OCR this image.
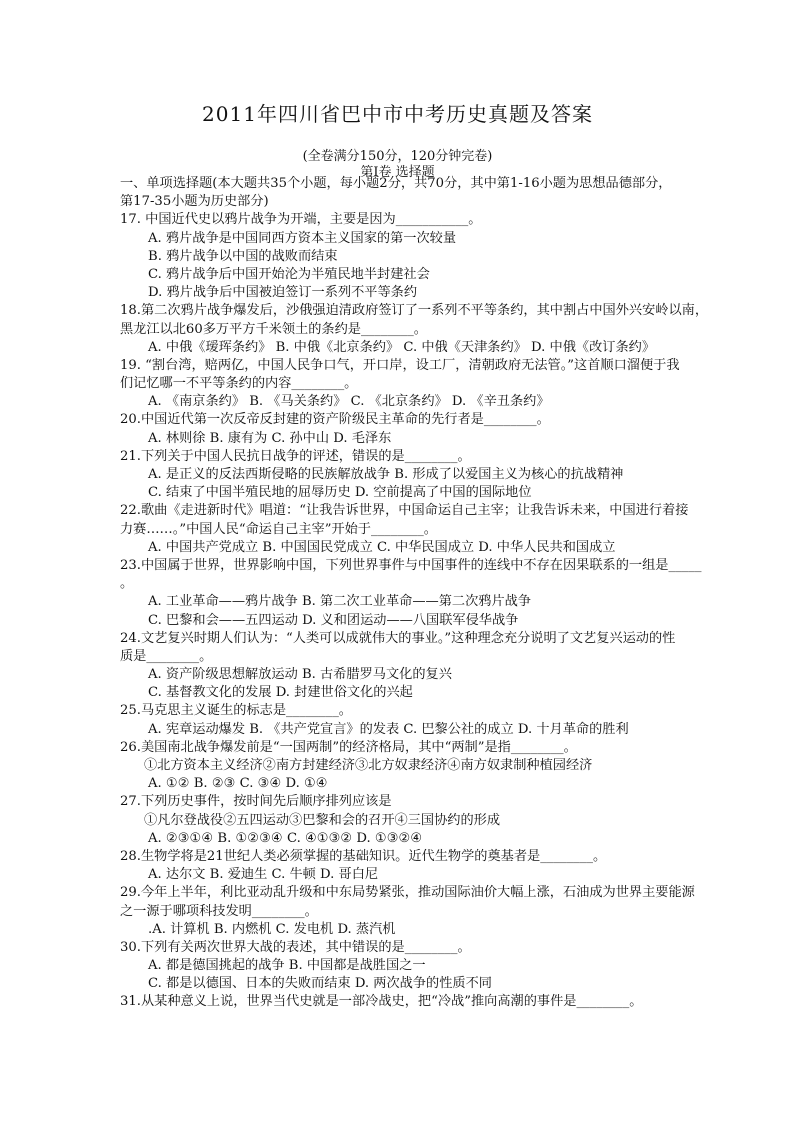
2011年四川省巴中市中考历史真题及答案
(全卷满分150分，120分钟完卷)
第Ⅰ卷 选择题
一、单项选择题(本大题共35个小题，每小题2分，共70分，其中第1-16小题为思想品德部分，
第17-35小题为历史部分)
17. 中国近代史以鸦片战争为开端，主要是因为___________。
A. 鸦片战争是中国同西方资本主义国家的第一次较量
B. 鸦片战争以中国的战败而结束
C. 鸦片战争后中国开始沦为半殖民地半封建社会
D. 鸦片战争后中国被迫签订一系列不平等条约
18.第二次鸦片战争爆发后，沙俄强迫清政府签订了一系列不平等条约，其中割占中国外兴安岭以南，
黑龙江以北60多万平方千米领土的条约是________。
A. 中俄《瑷珲条约》 B. 中俄《北京条约》 C. 中俄《天津条约》 D. 中俄《改订条约》
19. “割台湾，赔两亿，中国人民争口气，开口岸，设工厂，清朝政府无法管。”这首顺口溜便于我
们记忆哪一不平等条约的内容________。
A. 《南京条约》 B. 《马关条约》 C. 《北京条约》 D. 《辛丑条约》
20.中国近代第一次反帝反封建的资产阶级民主革命的先行者是________。
A. 林则徐 B. 康有为 C. 孙中山 D. 毛泽东
21.下列关于中国人民抗日战争的评述，错误的是________。
A. 是正义的反法西斯侵略的民族解放战争 B. 形成了以爱国主义为核心的抗战精神
C. 结束了中国半殖民地的屈辱历史 D. 空前提高了中国的国际地位
22.歌曲《走进新时代》唱道：“让我告诉世界，中国命运自己主宰；让我告诉未来，中国进行着接
力赛……。”中国人民“命运自己主宰”开始于________。
A. 中国共产党成立 B. 中国国民党成立 C. 中华民国成立 D. 中华人民共和国成立
23.中国属于世界，世界影响中国，下列世界事件与中国事件的连线中不存在因果联系的一组是_____
。
A. 工业革命——鸦片战争 B. 第二次工业革命——第二次鸦片战争
C. 巴黎和会——五四运动 D. 义和团运动——八国联军侵华战争
24.文艺复兴时期人们认为：“人类可以成就伟大的事业。”这种理念充分说明了文艺复兴运动的性
质是________。
A. 资产阶级思想解放运动 B. 古希腊罗马文化的复兴
C. 基督教文化的发展 D. 封建世俗文化的兴起
25.马克思主义诞生的标志是________。
A. 宪章运动爆发 B. 《共产党宣言》的发表 C. 巴黎公社的成立 D. 十月革命的胜利
26.美国南北战争爆发前是“一国两制”的经济格局，其中“两制”是指________。
①北方资本主义经济②南方封建经济③北方奴隶经济④南方奴隶制种植园经济
A. ①② B. ②③ C. ③④ D. ①④
27.下列历史事件，按时间先后顺序排列应该是
①凡尔登战役②五四运动③巴黎和会的召开④三国协约的形成
A. ②③①④ B. ①②③④ C. ④①③② D. ①③②④
28.生物学将是21世纪人类必须掌握的基础知识。近代生物学的奠基者是________。
A. 达尔文 B. 爱迪生 C. 牛顿 D. 哥白尼
29.今年上半年，利比亚动乱升级和中东局势紧张，推动国际油价大幅上涨，石油成为世界主要能源
之一源于哪项科技发明________。
.A. 计算机 B. 内燃机 C. 发电机 D. 蒸汽机
30.下列有关两次世界大战的表述，其中错误的是________。
A. 都是德国挑起的战争 B. 中国都是战胜国之一
C. 都是以德国、日本的失败而结束 D. 两次战争的性质不同
31.从某种意义上说，世界当代史就是一部冷战史，把“冷战”推向高潮的事件是________。
